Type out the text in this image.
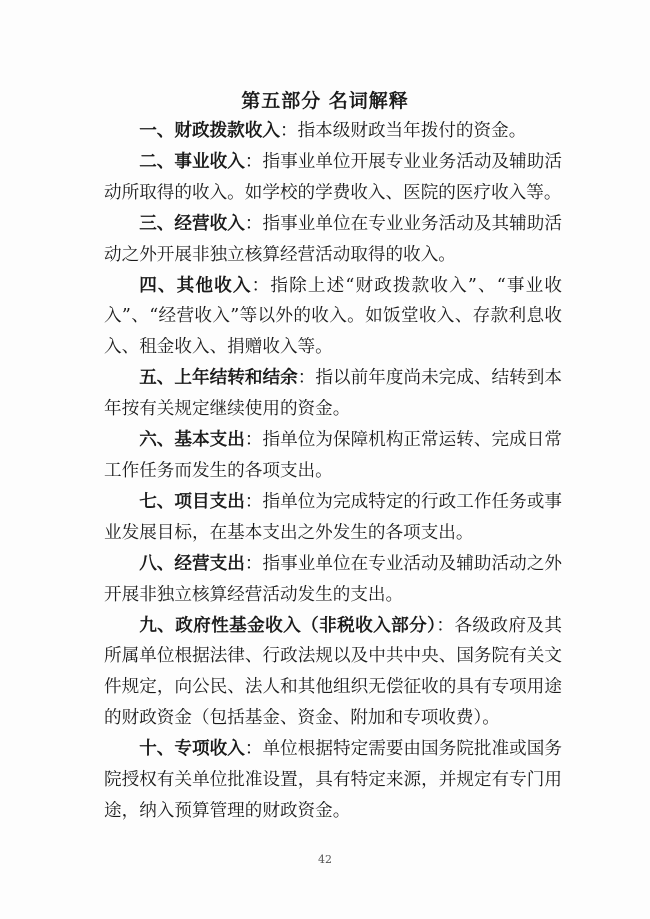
第五部分 名词解释

一、财政拨款收入：指本级财政当年拨付的资金。

二、事业收入：指事业单位开展专业业务活动及辅助活动所取得的收入。如学校的学费收入、医院的医疗收入等。

三、经营收入：指事业单位在专业业务活动及其辅助活动之外开展非独立核算经营活动取得的收入。

四、其他收入：指除上述“财政拨款收入”、“事业收入”、“经营收入”等以外的收入。如饭堂收入、存款利息收入、租金收入、捐赠收入等。

五、上年结转和结余：指以前年度尚未完成、结转到本年按有关规定继续使用的资金。

六、基本支出：指单位为保障机构正常运转、完成日常工作任务而发生的各项支出。

七、项目支出：指单位为完成特定的行政工作任务或事业发展目标，在基本支出之外发生的各项支出。

八、经营支出：指事业单位在专业活动及辅助活动之外开展非独立核算经营活动发生的支出。

九、政府性基金收入（非税收入部分）：各级政府及其所属单位根据法律、行政法规以及中共中央、国务院有关文件规定，向公民、法人和其他组织无偿征收的具有专项用途的财政资金（包括基金、资金、附加和专项收费）。

十、专项收入：单位根据特定需要由国务院批准或国务院授权有关单位批准设置，具有特定来源，并规定有专门用途，纳入预算管理的财政资金。

42
